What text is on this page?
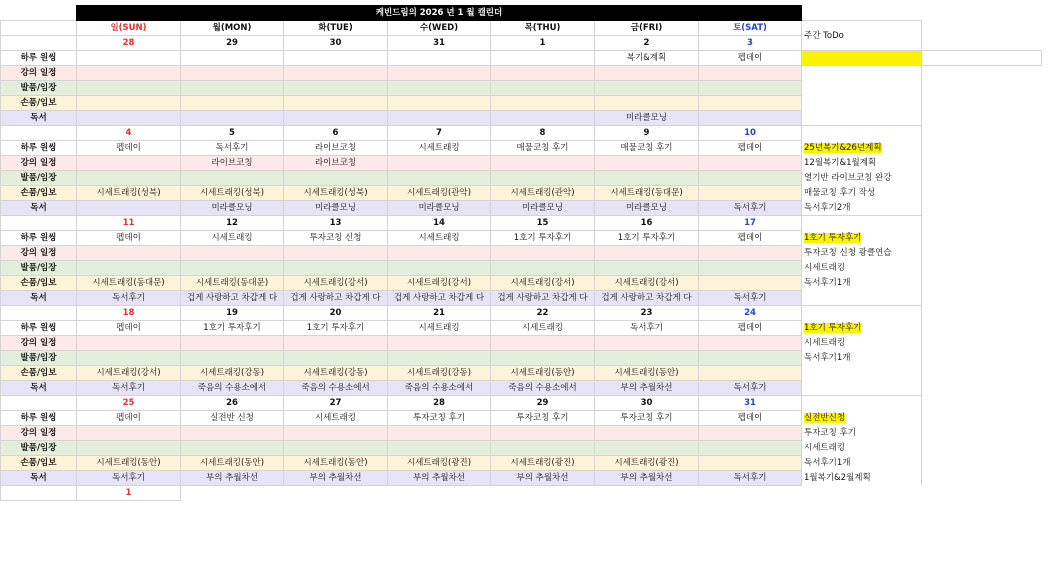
	케빈드림의 2026 년 1 월 캘린더								
	일(SUN)	월(MON)	화(TUE)	수(WED)	목(THU)	금(FRI)	토(SAT)	주간 ToDo	
	28	29	30	31	1	2	3		
하루 원씽						복기&계획	펩데이		
강의 일정									
발품/임장									
손품/임보									
독서						미라클모닝			
	4	5	6	7	8	9	10		
하루 원씽	펩데이	독서후기	라이브코칭	시세트래킹	매물코칭 후기	매물코칭 후기	펩데이	25년복기&26년계획	
강의 일정		라이브코칭	라이브코칭					12월복기&1월계획	
발품/임장								열기반 라이브코칭 완강	
손품/임보	시세트래킹(성북)	시세트래킹(성북)	시세트래킹(성북)	시세트래킹(관악)	시세트래킹(관악)	시세트래킹(동대문)		매물코칭 후기 작성	
독서		미라클모닝	미라클모닝	미라클모닝	미라클모닝	미라클모닝	독서후기	독서후기2개	
	11	12	13	14	15	16	17		
하루 원씽	펩데이	시세트래킹	투자코칭 신청	시세트래킹	1호기 투자후기	1호기 투자후기	펩데이	1호기 투자후기	
강의 일정								투자코칭 신청 광클연습	
발품/임장								시세트래킹	
손품/임보	시세트래킹(동대문)	시세트래킹(동대문)	시세트래킹(강서)	시세트래킹(강서)	시세트래킹(강서)	시세트래킹(강서)		독서후기1개	
독서	독서후기	겁게 사랑하고 차갑게 다	겁게 사랑하고 차갑게 다	겁게 사랑하고 차갑게 다	겁게 사랑하고 차갑게 다	겁게 사랑하고 차갑게 다	독서후기		
	18	19	20	21	22	23	24		
하루 원씽	펩데이	1호기 투자후기	1호기 투자후기	시세트래킹	시세트래킹	독서후기	펩데이	1호기 투자후기	
강의 일정								시세트래킹	
발품/임장								독서후기1개	
손품/임보	시세트래킹(강서)	시세트래킹(강동)	시세트래킹(강동)	시세트래킹(강동)	시세트래킹(동안)	시세트래킹(동안)			
독서	독서후기	죽음의 수용소에서	죽음의 수용소에서	죽음의 수용소에서	죽음의 수용소에서	부의 추월차선	독서후기		
	25	26	27	28	29	30	31		
하루 원씽	펩데이	실전반 신청	시세트래킹	투자코칭 후기	투자코칭 후기	투자코칭 후기	펩데이	실전반신청	
강의 일정								투자코칭 후기	
발품/임장								시세트래킹	
손품/임보	시세트래킹(동안)	시세트래킹(동안)	시세트래킹(동안)	시세트래킹(광진)	시세트래킹(광진)	시세트래킹(광진)		독서후기1개	
독서	독서후기	부의 추월차선	부의 추월차선	부의 추월차선	부의 추월차선	부의 추월차선	독서후기	1월복기&2월계획	
	1								
